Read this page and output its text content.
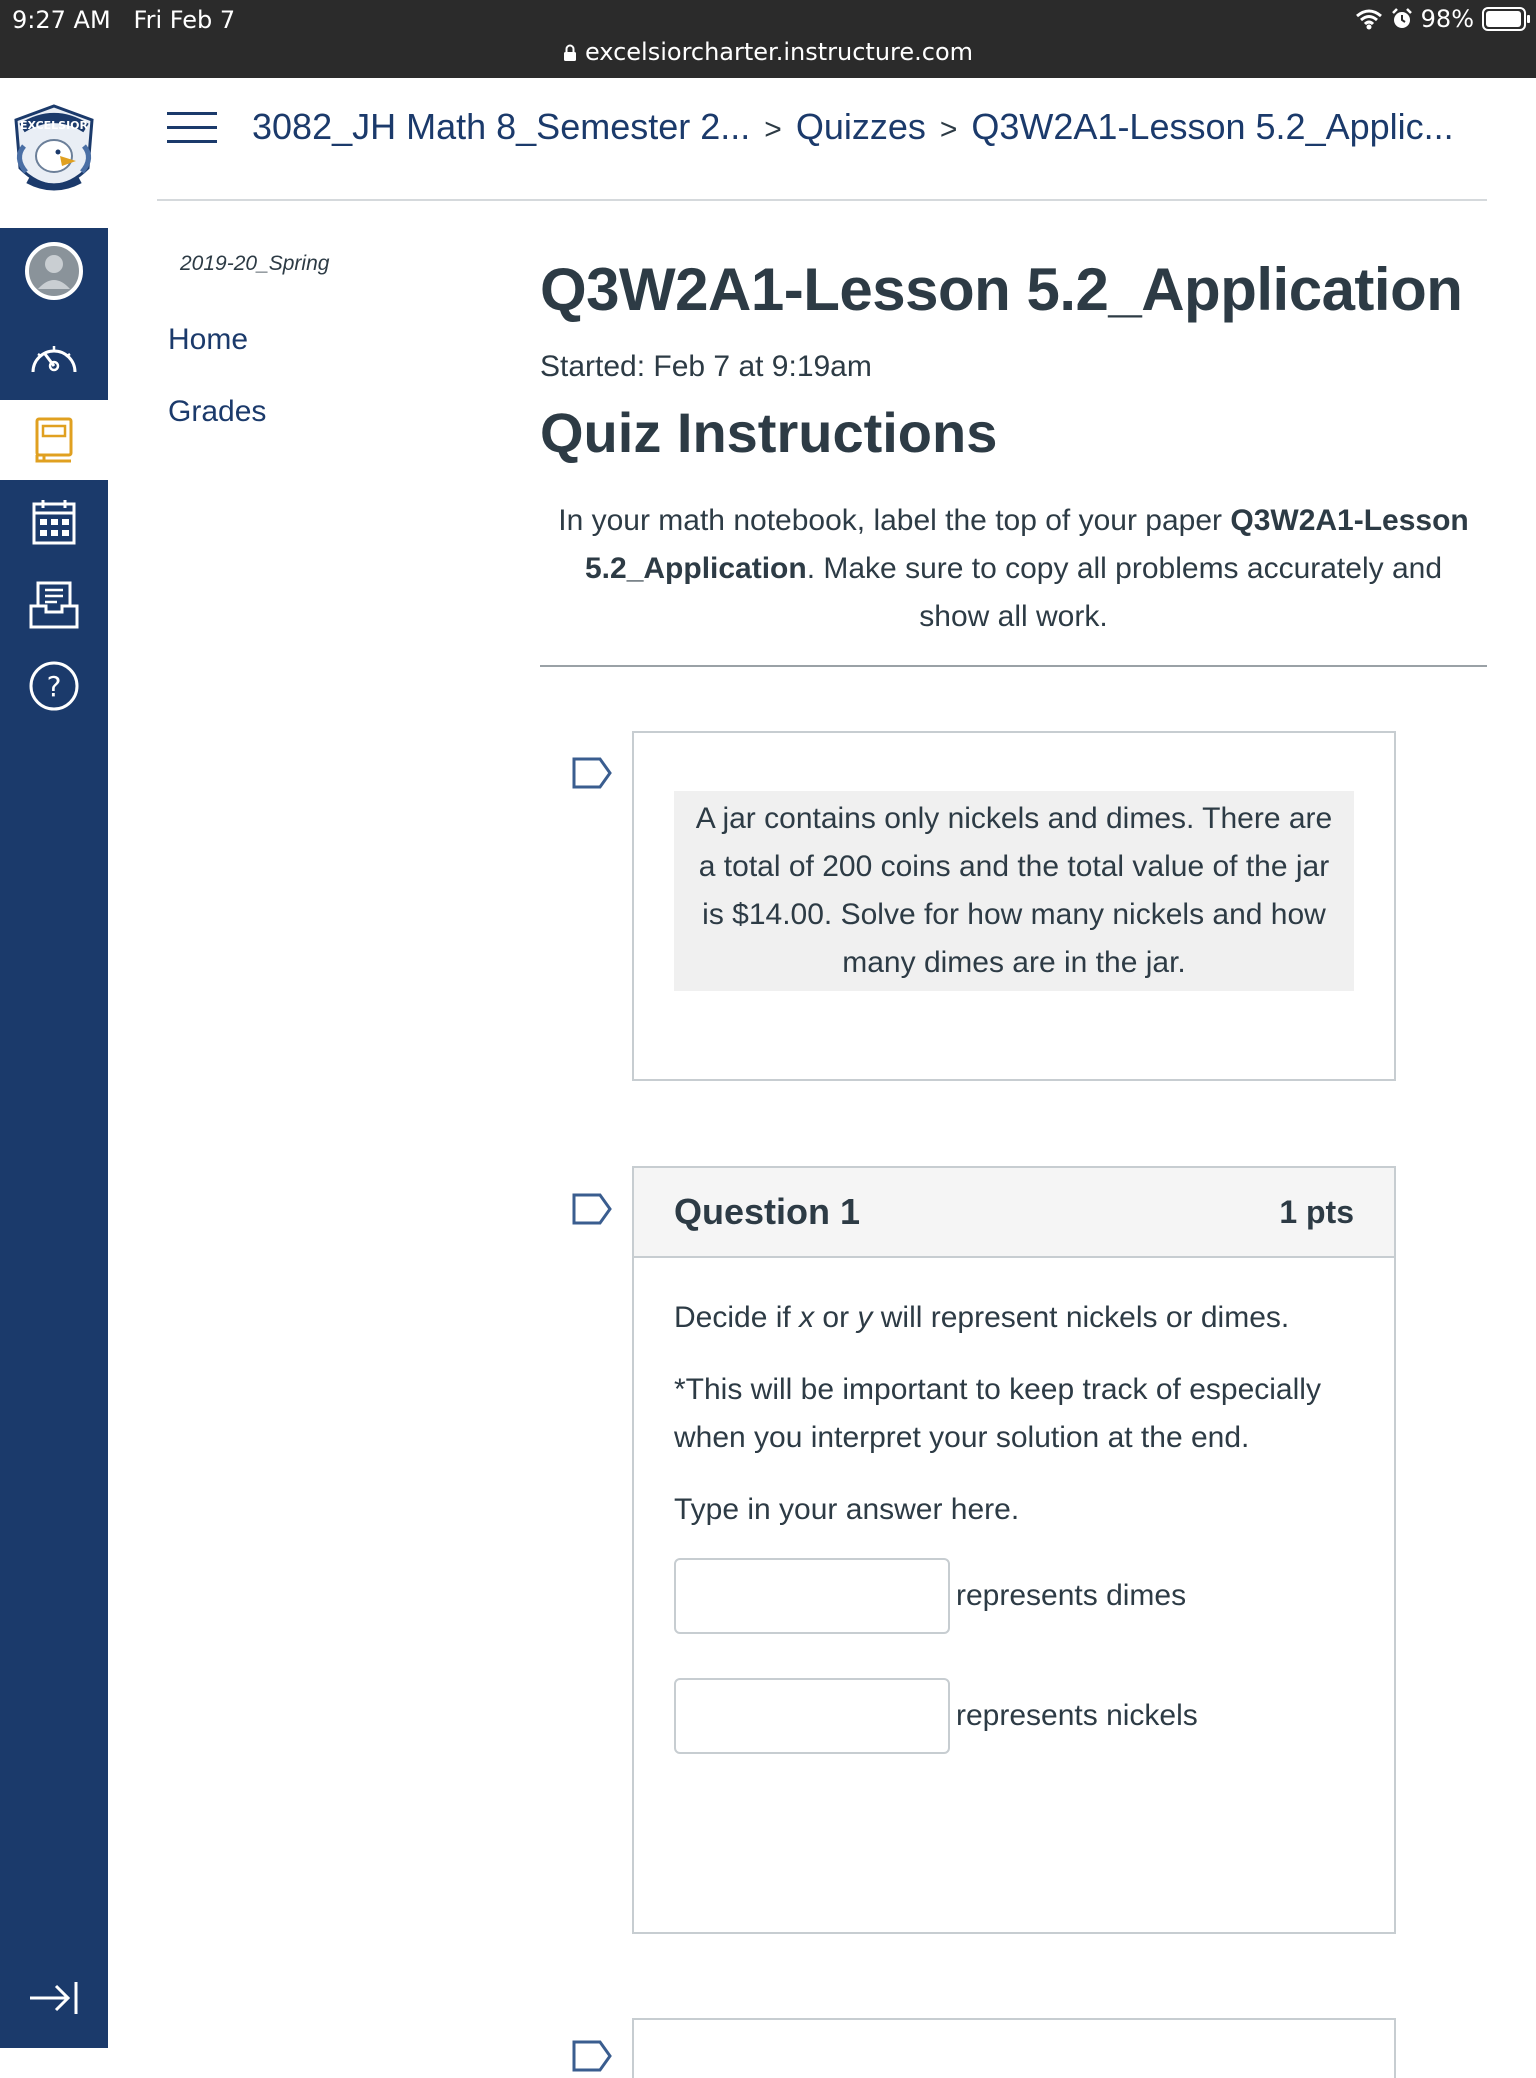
9:27 AM Fri Feb 7	98%
excelsiorcharter.instructure.com
EXCELSIOR
?
3082_JH Math 8_Semester 2... > Quizzes > Q3W2A1-Lesson 5.2_Applic...
2019-20_Spring
Home
Grades
Q3W2A1-Lesson 5.2_Application
Started: Feb 7 at 9:19am
Quiz Instructions
In your math notebook, label the top of your paper Q3W2A1-Lesson 5.2_Application. Make sure to copy all problems accurately and show all work.
A jar contains only nickels and dimes. There are a total of 200 coins and the total value of the jar is $14.00. Solve for how many nickels and how many dimes are in the jar.
Question 1	1 pts

Decide if x or y will represent nickels or dimes.

*This will be important to keep track of especially when you interpret your solution at the end.

Type in your answer here.

represents dimes
represents nickels
